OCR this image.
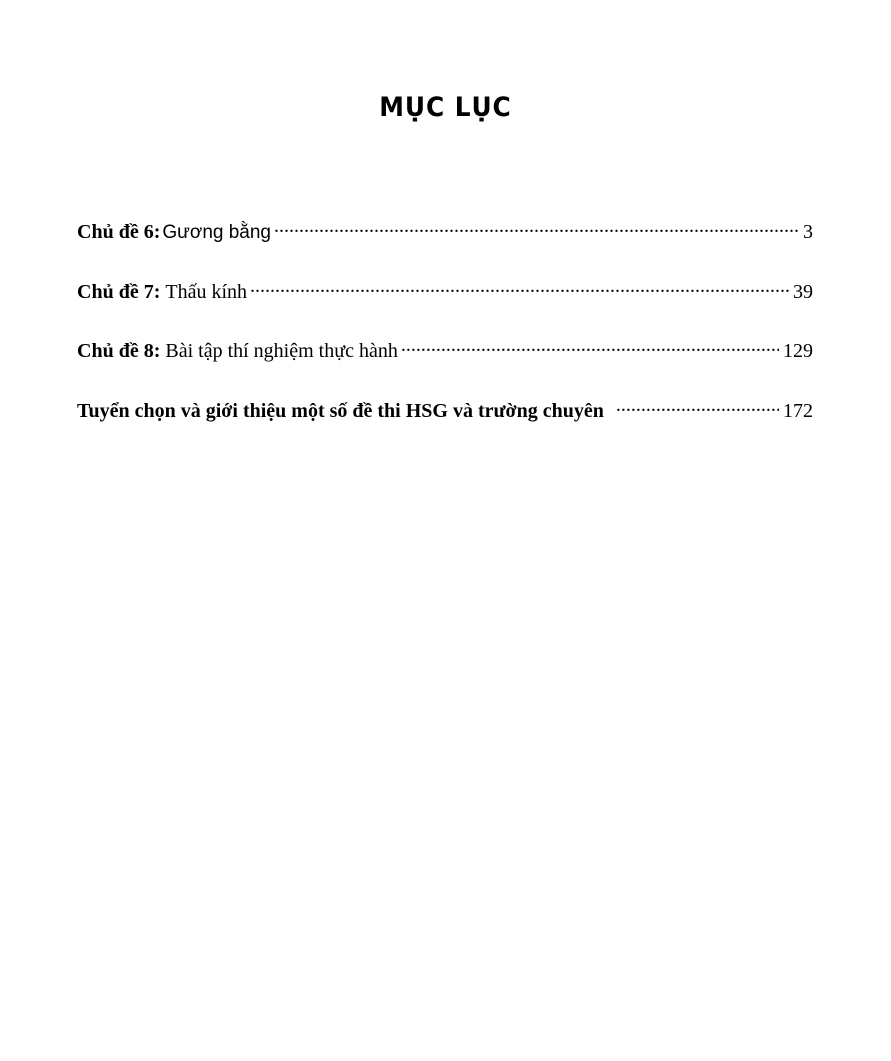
MỤC LỤC
Chủ đề 6: Gương bằng .....	3
Chủ đề 7: Thấu kính .....	39
Chủ đề 8: Bài tập thí nghiệm thực hành .....	129
Tuyển chọn và giới thiệu một số đề thi HSG và trường chuyên .....	172
